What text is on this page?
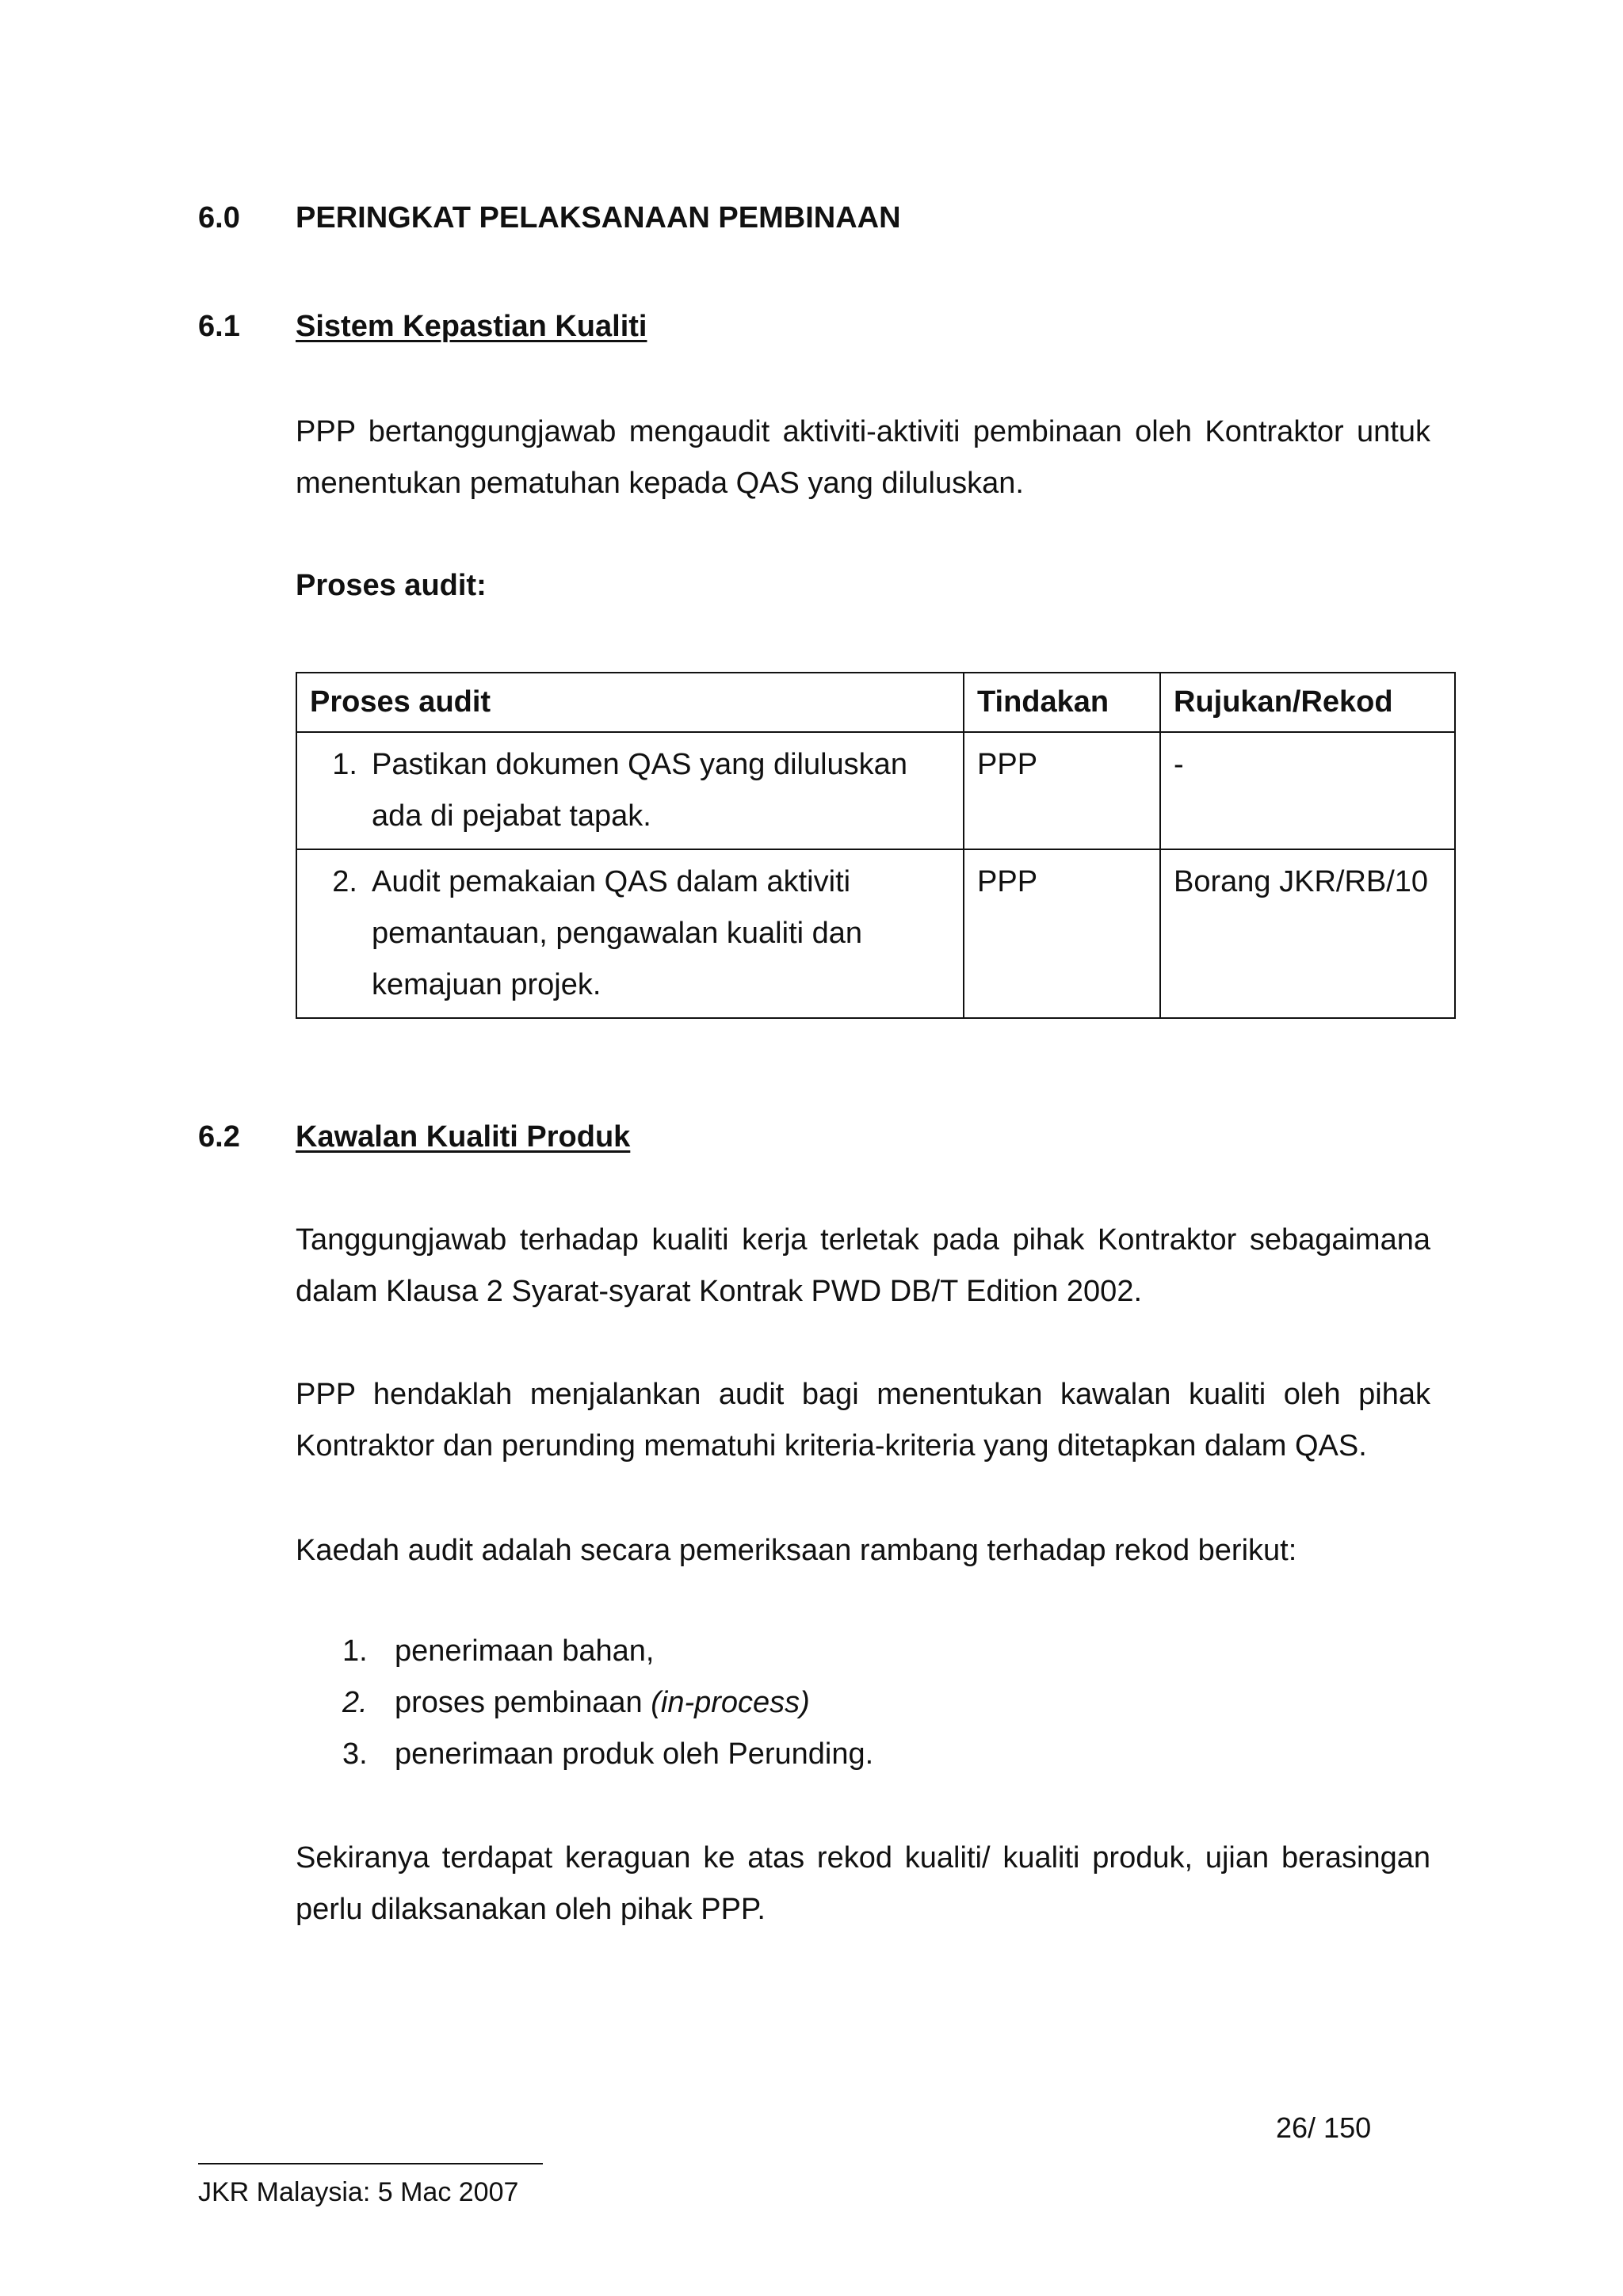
6.0 PERINGKAT PELAKSANAAN PEMBINAAN
6.1 Sistem Kepastian Kualiti
PPP bertanggungjawab mengaudit aktiviti-aktiviti pembinaan oleh Kontraktor untuk menentukan pematuhan kepada QAS yang diluluskan.
Proses audit:
Proses audit	Tindakan	Rujukan/Rekod

1. Pastikan dokumen QAS yang diluluskan ada di pejabat tapak.	PPP	-

2. Audit pemakaian QAS dalam aktiviti pemantauan, pengawalan kualiti dan kemajuan projek.	PPP	Borang JKR/RB/10
6.2 Kawalan Kualiti Produk
Tanggungjawab terhadap kualiti kerja terletak pada pihak Kontraktor sebagaimana dalam Klausa 2 Syarat-syarat Kontrak PWD DB/T Edition 2002.
PPP hendaklah menjalankan audit bagi menentukan kawalan kualiti oleh pihak Kontraktor dan perunding mematuhi kriteria-kriteria yang ditetapkan dalam QAS.
Kaedah audit adalah secara pemeriksaan rambang terhadap rekod berikut:
1. penerimaan bahan,
2. proses pembinaan (in-process)
3. penerimaan produk oleh Perunding.
Sekiranya terdapat keraguan ke atas rekod kualiti/ kualiti produk, ujian berasingan perlu dilaksanakan oleh pihak PPP.
26/ 150
JKR Malaysia: 5 Mac 2007
